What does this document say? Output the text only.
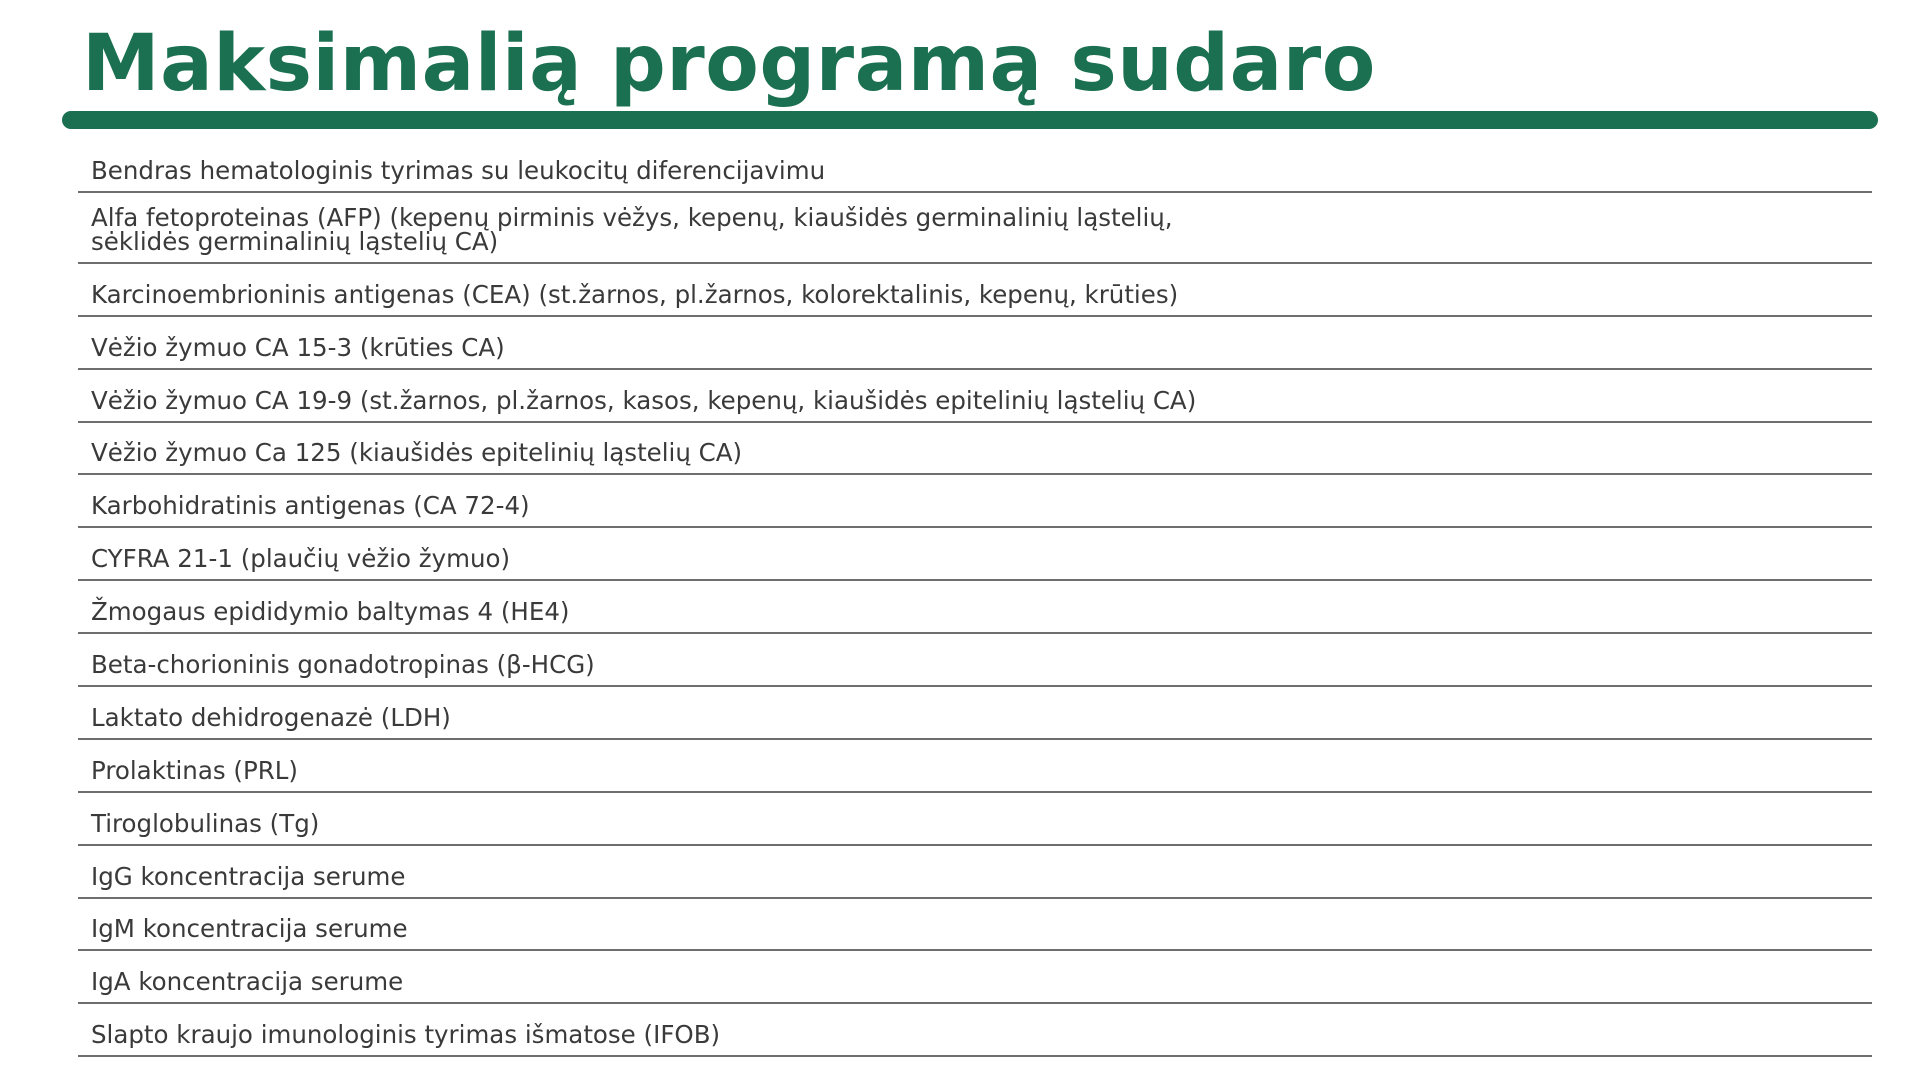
Maksimalią programą sudaro
Bendras hematologinis tyrimas su leukocitų diferencijavimu
Alfa fetoproteinas (AFP) (kepenų pirminis vėžys, kepenų, kiaušidės germinalinių ląstelių,
sėklidės germinalinių ląstelių CA)
Karcinoembrioninis antigenas (CEA) (st.žarnos, pl.žarnos, kolorektalinis, kepenų, krūties)
Vėžio žymuo CA 15-3 (krūties CA)
Vėžio žymuo CA 19-9 (st.žarnos, pl.žarnos, kasos, kepenų, kiaušidės epitelinių ląstelių CA)
Vėžio žymuo Ca 125 (kiaušidės epitelinių ląstelių CA)
Karbohidratinis antigenas (CA 72-4)
CYFRA 21-1 (plaučių vėžio žymuo)
Žmogaus epididymio baltymas 4 (HE4)
Beta-chorioninis gonadotropinas (β-HCG)
Laktato dehidrogenazė (LDH)
Prolaktinas (PRL)
Tiroglobulinas (Tg)
IgG koncentracija serume
IgM koncentracija serume
IgA koncentracija serume
Slapto kraujo imunologinis tyrimas išmatose (IFOB)
